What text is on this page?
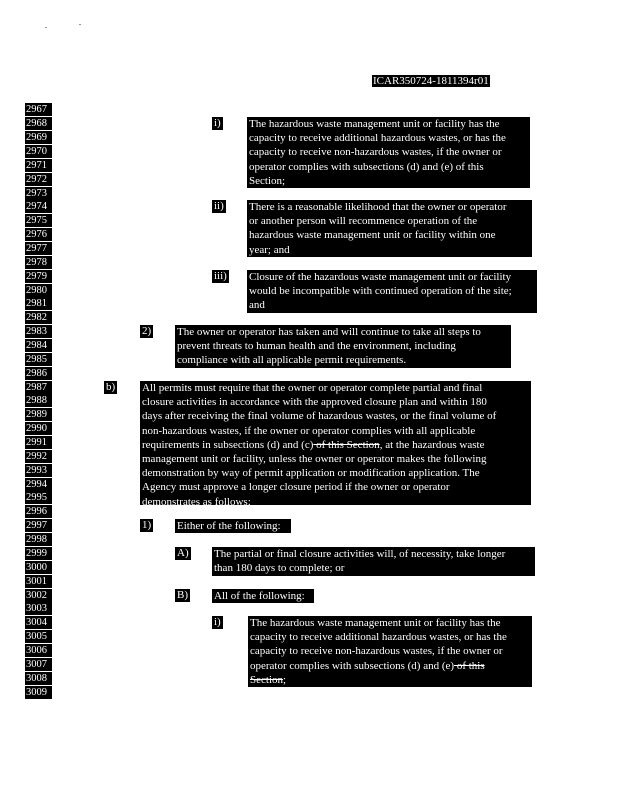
ICAR350724-1811394r01
2967
2968
2969
2970
2971
2972
2973
2974
2975
2976
2977
2978
2979
2980
2981
2982
2983
2984
2985
2986
2987
2988
2989
2990
2991
2992
2993
2994
2995
2996
2997
2998
2999
3000
3001
3002
3003
3004
3005
3006
3007
3008
3009
i)	The hazardous waste management unit or facility has the
capacity to receive additional hazardous wastes, or has the
capacity to receive non-hazardous wastes, if the owner or
operator complies with subsections (d) and (e) of this
Section;
ii) There is a reasonable likelihood that the owner or operator
or another person will recommence operation of the
hazardous waste management unit or facility within one
year; and
iii) Closure of the hazardous waste management unit or facility
would be incompatible with continued operation of the site;
and
2) The owner or operator has taken and will continue to take all steps to
prevent threats to human health and the environment, including
compliance with all applicable permit requirements.
b) All permits must require that the owner or operator complete partial and final
closure activities in accordance with the approved closure plan and within 180
days after receiving the final volume of hazardous wastes, or the final volume of
non-hazardous wastes, if the owner or operator complies with all applicable
requirements in subsections (d) and (c) of this Section, at the hazardous waste
management unit or facility, unless the owner or operator makes the following
demonstration by way of permit application or modification application. The
Agency must approve a longer closure period if the owner or operator
demonstrates as follows:
1) Either of the following:
A) The partial or final closure activities will, of necessity, take longer
than 180 days to complete; or
B) All of the following:
i)	The hazardous waste management unit or facility has the
capacity to receive additional hazardous wastes, or has the
capacity to receive non-hazardous wastes, if the owner or
operator complies with subsections (d) and (e) of this
Section;
